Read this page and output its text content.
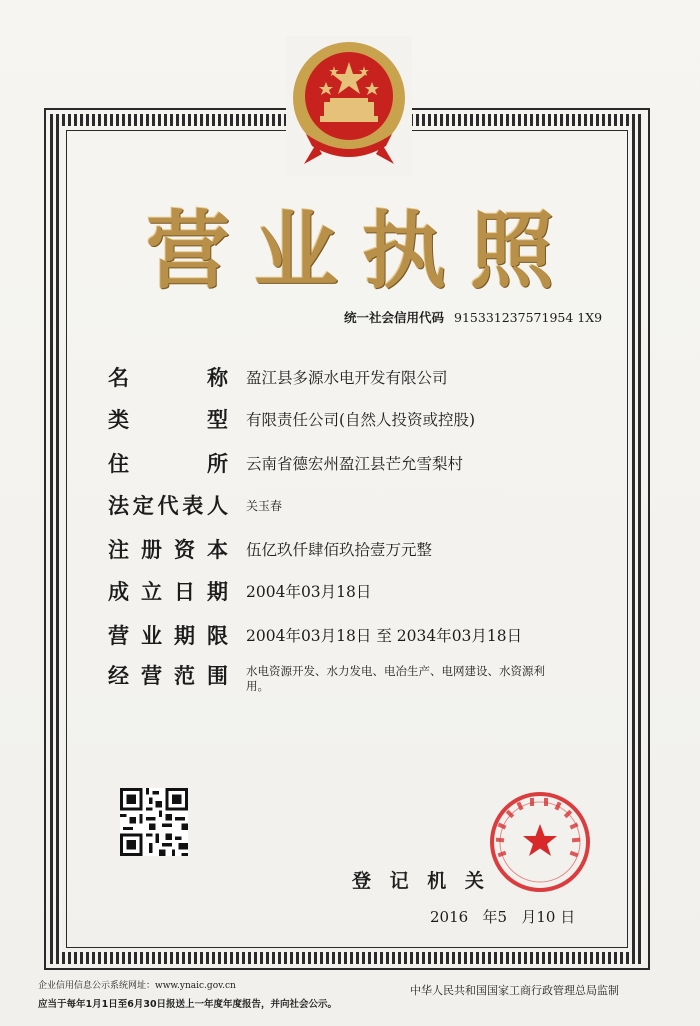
营 业 执 照
统一社会信用代码 915331237571954 1X9
名	称 盈江县多源水电开发有限公司
类	型 有限责任公司(自然人投资或控股)
住	所 云南省德宏州盈江县芒允雪梨村
法 定 代 表 人 关玉春
注 册 资 本 伍亿玖仟肆佰玖拾壹万元整
成 立 日 期 2004年03月18日
营 业 期 限 2004年03月18日 至 2034年03月18日
经 营 范 围 水电资源开发、水力发电、电冶生产、电网建设、水资源利用。
登 记 机 关
2016 年5 月10 日
企业信用信息公示系统网址：www.ynaic.gov.cn
应当于每年1月1日至6月30日报送上一年度年度报告，并向社会公示。
中华人民共和国国家工商行政管理总局监制
